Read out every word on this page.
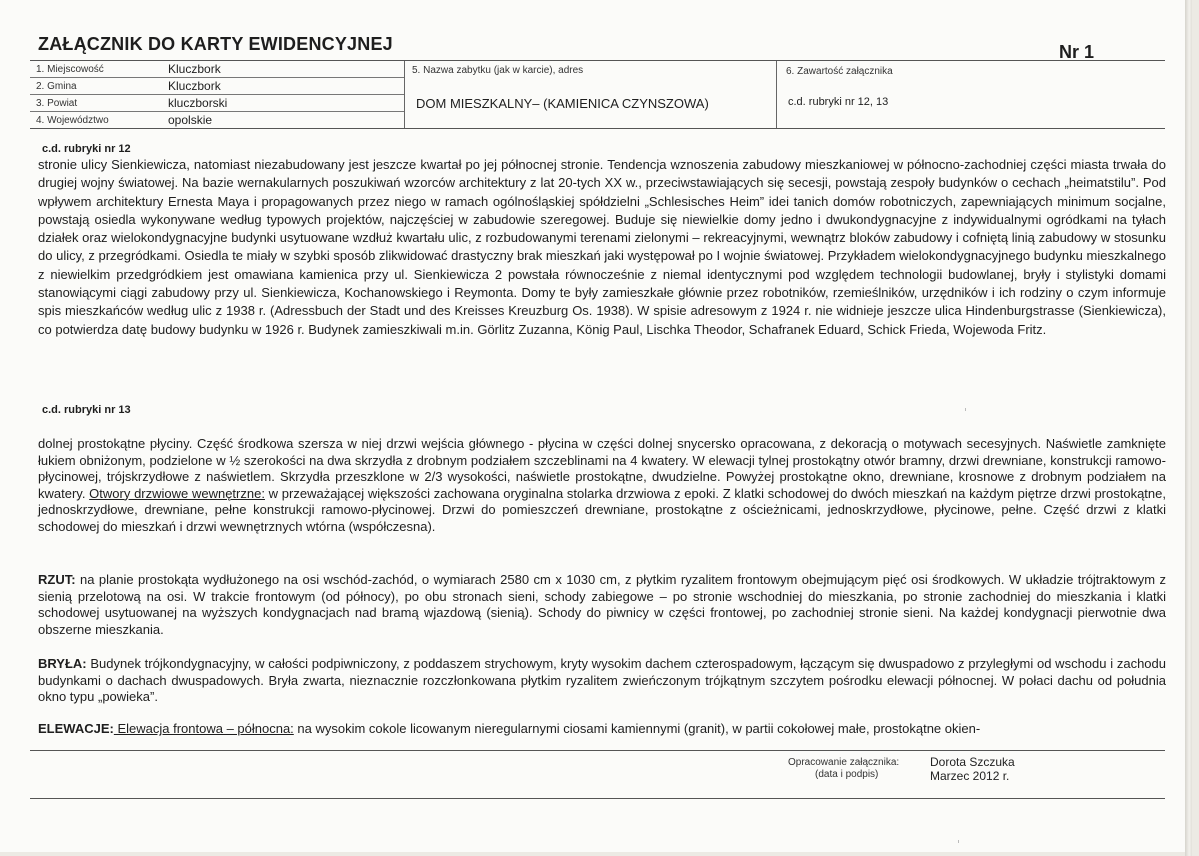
ZAŁĄCZNIK DO KARTY EWIDENCYJNEJ	Nr 1
1. Miejscowość	Kluczbork
2. Gmina	Kluczbork
3. Powiat	kluczborski
4. Województwo	opolskie
5. Nazwa zabytku (jak w karcie), adres
DOM MIESZKALNY– (KAMIENICA CZYNSZOWA)
6. Zawartość załącznika
c.d. rubryki nr 12, 13
c.d. rubryki nr 12
stronie ulicy Sienkiewicza, natomiast niezabudowany jest jeszcze kwartał po jej północnej stronie. Tendencja wznoszenia zabudowy mieszkaniowej w północno-zachodniej części miasta trwała do drugiej wojny światowej. Na bazie wernakularnych poszukiwań wzorców architektury z lat 20-tych XX w., przeciwstawiających się secesji, powstają zespoły budynków o cechach „heimatstilu”. Pod wpływem architektury Ernesta Maya i propagowanych przez niego w ramach ogólnośląskiej spółdzielni „Schlesisches Heim” idei tanich domów robotniczych, zapewniających minimum socjalne, powstają osiedla wykonywane według typowych projektów, najczęściej w zabudowie szeregowej. Buduje się niewielkie domy jedno i dwukondygnacyjne z indywidualnymi ogródkami na tyłach działek oraz wielokondygnacyjne budynki usytuowane wzdłuż kwartału ulic, z rozbudowanymi terenami zielonymi – rekreacyjnymi, wewnątrz bloków zabudowy i cofniętą linią zabudowy w stosunku do ulicy, z przegródkami. Osiedla te miały w szybki sposób zlikwidować drastyczny brak mieszkań jaki występował po I wojnie światowej. Przykładem wielokondygnacyjnego budynku mieszkalnego z niewielkim przedgródkiem jest omawiana kamienica przy ul. Sienkiewicza 2 powstała równocześnie z niemal identycznymi pod względem technologii budowlanej, bryły i stylistyki domami stanowiącymi ciągi zabudowy przy ul. Sienkiewicza, Kochanowskiego i Reymonta. Domy te były zamieszkałe głównie przez robotników, rzemieślników, urzędników i ich rodziny o czym informuje spis mieszkańców według ulic z 1938 r. (Adressbuch der Stadt und des Kreisses Kreuzburg Os. 1938). W spisie adresowym z 1924 r. nie widnieje jeszcze ulica Hindenburgstrasse (Sienkiewicza), co potwierdza datę budowy budynku w 1926 r. Budynek zamieszkiwali m.in. Görlitz Zuzanna, König Paul, Lischka Theodor, Schafranek Eduard, Schick Frieda, Wojewoda Fritz.
c.d. rubryki nr 13
dolnej prostokątne płyciny. Część środkowa szersza w niej drzwi wejścia głównego - płycina w części dolnej snycersko opracowana, z dekoracją o motywach secesyjnych. Naświetle zamknięte łukiem obniżonym, podzielone w ½ szerokości na dwa skrzydła z drobnym podziałem szczeblinami na 4 kwatery. W elewacji tylnej prostokątny otwór bramny, drzwi drewniane, konstrukcji ramowo-płycinowej, trójskrzydłowe z naświetlem. Skrzydła przeszklone w 2/3 wysokości, naświetle prostokątne, dwudzielne. Powyżej prostokątne okno, drewniane, krosnowe z drobnym podziałem na kwatery. Otwory drzwiowe wewnętrzne: w przeważającej większości zachowana oryginalna stolarka drzwiowa z epoki. Z klatki schodowej do dwóch mieszkań na każdym piętrze drzwi prostokątne, jednoskrzydłowe, drewniane, pełne konstrukcji ramowo-płycinowej. Drzwi do pomieszczeń drewniane, prostokątne z ościeżnicami, jednoskrzydłowe, płycinowe, pełne. Część drzwi z klatki schodowej do mieszkań i drzwi wewnętrznych wtórna (współczesna).
RZUT: na planie prostokąta wydłużonego na osi wschód-zachód, o wymiarach 2580 cm x 1030 cm, z płytkim ryzalitem frontowym obejmującym pięć osi środkowych. W układzie trójtraktowym z sienią przelotową na osi. W trakcie frontowym (od północy), po obu stronach sieni, schody zabiegowe – po stronie wschodniej do mieszkania, po stronie zachodniej do mieszkania i klatki schodowej usytuowanej na wyższych kondygnacjach nad bramą wjazdową (sienią). Schody do piwnicy w części frontowej, po zachodniej stronie sieni. Na każdej kondygnacji pierwotnie dwa obszerne mieszkania.
BRYŁA: Budynek trójkondygnacyjny, w całości podpiwniczony, z poddaszem strychowym, kryty wysokim dachem czterospadowym, łączącym się dwuspadowo z przyległymi od wschodu i zachodu budynkami o dachach dwuspadowych. Bryła zwarta, nieznacznie rozczłonkowana płytkim ryzalitem zwieńczonym trójkątnym szczytem pośrodku elewacji północnej. W połaci dachu od południa okno typu „powieka”.
ELEWACJE: Elewacja frontowa – północna: na wysokim cokole licowanym nieregularnymi ciosami kamiennymi (granit), w partii cokołowej małe, prostokątne okien-
Opracowanie załącznika:
(data i podpis)
Dorota Szczuka
Marzec 2012 r.
